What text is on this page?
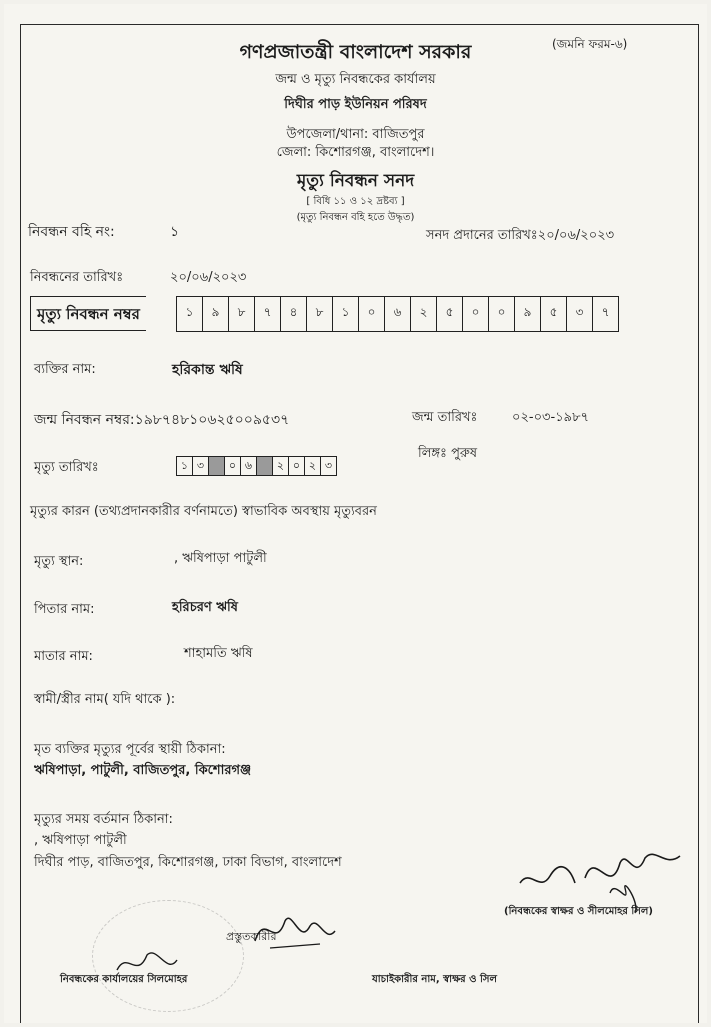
গণপ্রজাতন্ত্রী বাংলাদেশ সরকার	(জমনি ফরম-৬)
জন্ম ও মৃত্যু নিবন্ধকের কার্যালয়
দিঘীর পাড় ইউনিয়ন পরিষদ
উপজেলা/থানা: বাজিতপুর
জেলা: কিশোরগঞ্জ, বাংলাদেশ।
মৃত্যু নিবন্ধন সনদ
[ বিধি ১১ ও ১২ দ্রষ্টব্য ]
(মৃত্যু নিবন্ধন বহি হতে উদ্ধৃত)
নিবন্ধন বহি নং:	১	সনদ প্রদানের তারিখঃ২০/০৬/২০২৩
নিবন্ধনের তারিখঃ	২০/০৬/২০২৩
মৃত্যু নিবন্ধন নম্বর	১	৯	৮	৭	৪	৮	১	০	৬	২	৫	০	০	৯	৫	৩	৭
ব্যক্তির নাম:	হরিকান্ত ঋষি
জন্ম নিবন্ধন নম্বর:১৯৮৭৪৮১০৬২৫০০৯৫৩৭	জন্ম তারিখঃ	০২-০৩-১৯৮৭
লিঙ্গঃ পুরুষ
মৃত্যু তারিখঃ	১ ৩	০ ৬	২ ০ ২ ৩
মৃত্যুর কারন (তথ্যপ্রদানকারীর বর্ণনামতে) স্বাভাবিক অবস্থায় মৃত্যুবরন
মৃত্যু স্থান:	, ঋষিপাড়া পাটুলী
পিতার নাম:	হরিচরণ ঋষি
মাতার নাম:	শাহামতি ঋষি
স্বামী/স্ত্রীর নাম( যদি থাকে ):
মৃত ব্যক্তির মৃত্যুর পূর্বের স্থায়ী ঠিকানা:
ঋষিপাড়া, পাটুলী, বাজিতপুর, কিশোরগঞ্জ
মৃত্যুর সময় বর্তমান ঠিকানা:
, ঋষিপাড়া পাটুলী
দিঘীর পাড়, বাজিতপুর, কিশোরগঞ্জ, ঢাকা বিভাগ, বাংলাদেশ
(নিবন্ধকের স্বাক্ষর ও সীলমোহর সিল)
প্রস্তুতকারীর
নিবন্ধকের কার্যালয়ের সিলমোহর	যাচাইকারীর নাম, স্বাক্ষর ও সিল
